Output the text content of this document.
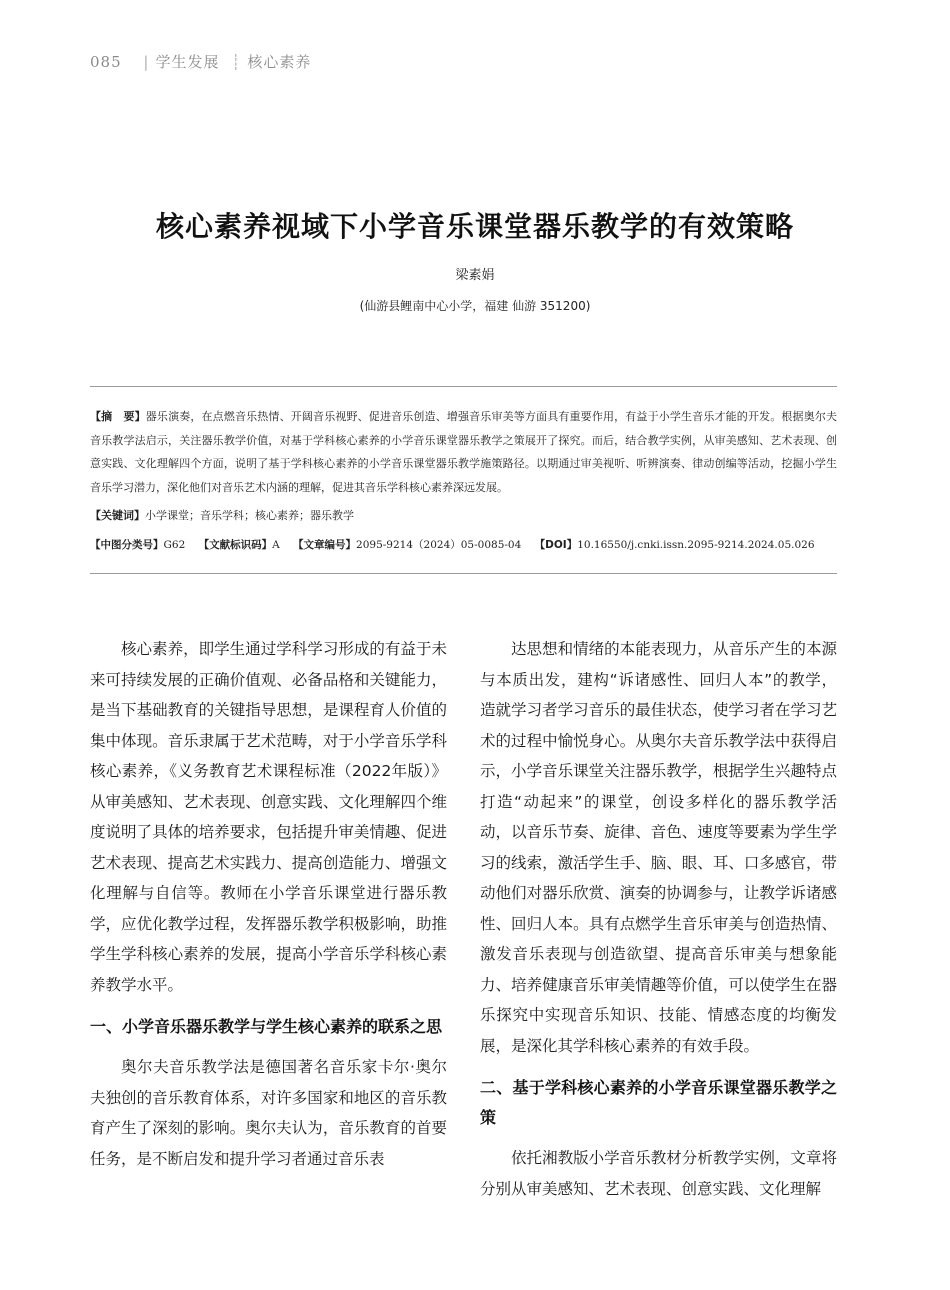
085 | 学生发展 ┊ 核心素养
核心素养视域下小学音乐课堂器乐教学的有效策略
梁素娟
(仙游县鲤南中心小学，福建 仙游 351200)
【摘　要】器乐演奏，在点燃音乐热情、开阔音乐视野、促进音乐创造、增强音乐审美等方面具有重要作用，有益于小学生音乐才能的开发。根据奥尔夫音乐教学法启示，关注器乐教学价值，对基于学科核心素养的小学音乐课堂器乐教学之策展开了探究。而后，结合教学实例，从审美感知、艺术表现、创意实践、文化理解四个方面，说明了基于学科核心素养的小学音乐课堂器乐教学施策路径。以期通过审美视听、听辨演奏、律动创编等活动，挖掘小学生音乐学习潜力，深化他们对音乐艺术内涵的理解，促进其音乐学科核心素养深远发展。
【关键词】小学课堂；音乐学科；核心素养；器乐教学
【中图分类号】G62 【文献标识码】A 【文章编号】2095-9214（2024）05-0085-04 【DOI】10.16550/j.cnki.issn.2095-9214.2024.05.026

核心素养，即学生通过学科学习形成的有益于未来可持续发展的正确价值观、必备品格和关键能力，是当下基础教育的关键指导思想，是课程育人价值的集中体现。音乐隶属于艺术范畴，对于小学音乐学科核心素养，《义务教育艺术课程标准（2022年版）》从审美感知、艺术表现、创意实践、文化理解四个维度说明了具体的培养要求，包括提升审美情趣、促进艺术表现、提高艺术实践力、提高创造能力、增强文化理解与自信等。教师在小学音乐课堂进行器乐教学，应优化教学过程，发挥器乐教学积极影响，助推学生学科核心素养的发展，提高小学音乐学科核心素养教学水平。

一、小学音乐器乐教学与学生核心素养的联系之思

奥尔夫音乐教学法是德国著名音乐家卡尔·奥尔夫独创的音乐教育体系，对许多国家和地区的音乐教育产生了深刻的影响。奥尔夫认为，音乐教育的首要任务，是不断启发和提升学习者通过音乐表

达思想和情绪的本能表现力，从音乐产生的本源与本质出发，建构“诉诸感性、回归人本”的教学，造就学习者学习音乐的最佳状态，使学习者在学习艺术的过程中愉悦身心。从奥尔夫音乐教学法中获得启示，小学音乐课堂关注器乐教学，根据学生兴趣特点打造“动起来”的课堂，创设多样化的器乐教学活动，以音乐节奏、旋律、音色、速度等要素为学生学习的线索，激活学生手、脑、眼、耳、口多感官，带动他们对器乐欣赏、演奏的协调参与，让教学诉诸感性、回归人本。具有点燃学生音乐审美与创造热情、激发音乐表现与创造欲望、提高音乐审美与想象能力、培养健康音乐审美情趣等价值，可以使学生在器乐探究中实现音乐知识、技能、情感态度的均衡发展，是深化其学科核心素养的有效手段。

二、基于学科核心素养的小学音乐课堂器乐教学之策

依托湘教版小学音乐教材分析教学实例，文章将分别从审美感知、艺术表现、创意实践、文化理解
